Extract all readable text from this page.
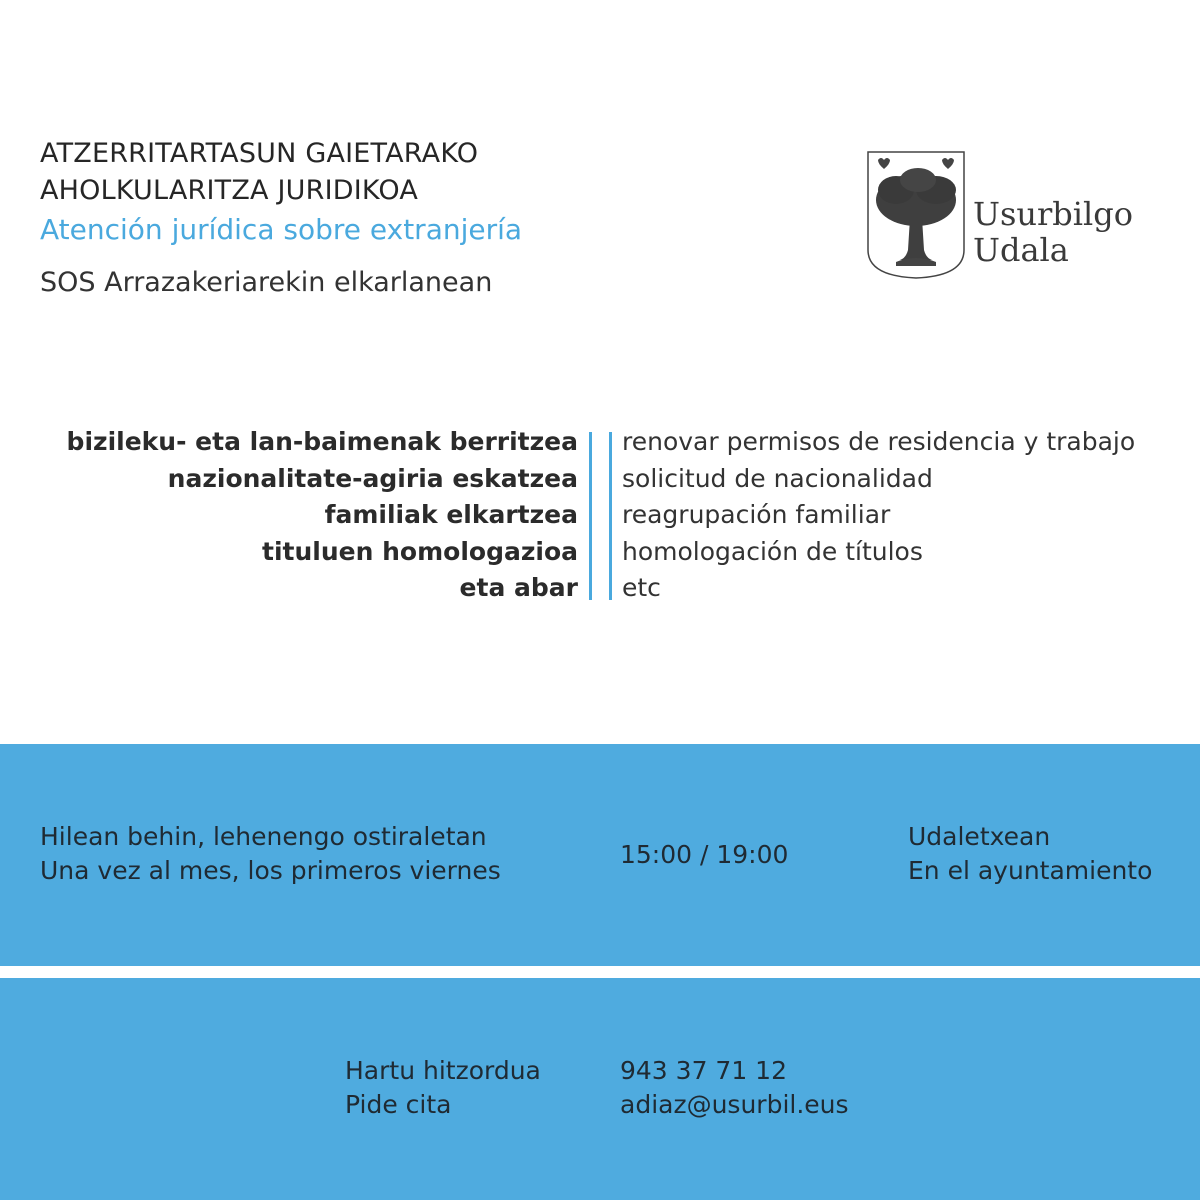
ATZERRITARTASUN GAIETARAKO
AHOLKULARITZA JURIDIKOA
Atención jurídica sobre extranjería
SOS Arrazakeriarekin elkarlanean
Usurbilgo
Udala
bizileku- eta lan-baimenak berritzea
nazionalitate-agiria eskatzea
familiak elkartzea
tituluen homologazioa
eta abar
renovar permisos de residencia y trabajo
solicitud de nacionalidad
reagrupación familiar
homologación de títulos
etc
Hilean behin, lehenengo ostiraletan
Una vez al mes, los primeros viernes
15:00 / 19:00
Udaletxean
En el ayuntamiento
Hartu hitzordua
Pide cita
943 37 71 12
adiaz@usurbil.eus
